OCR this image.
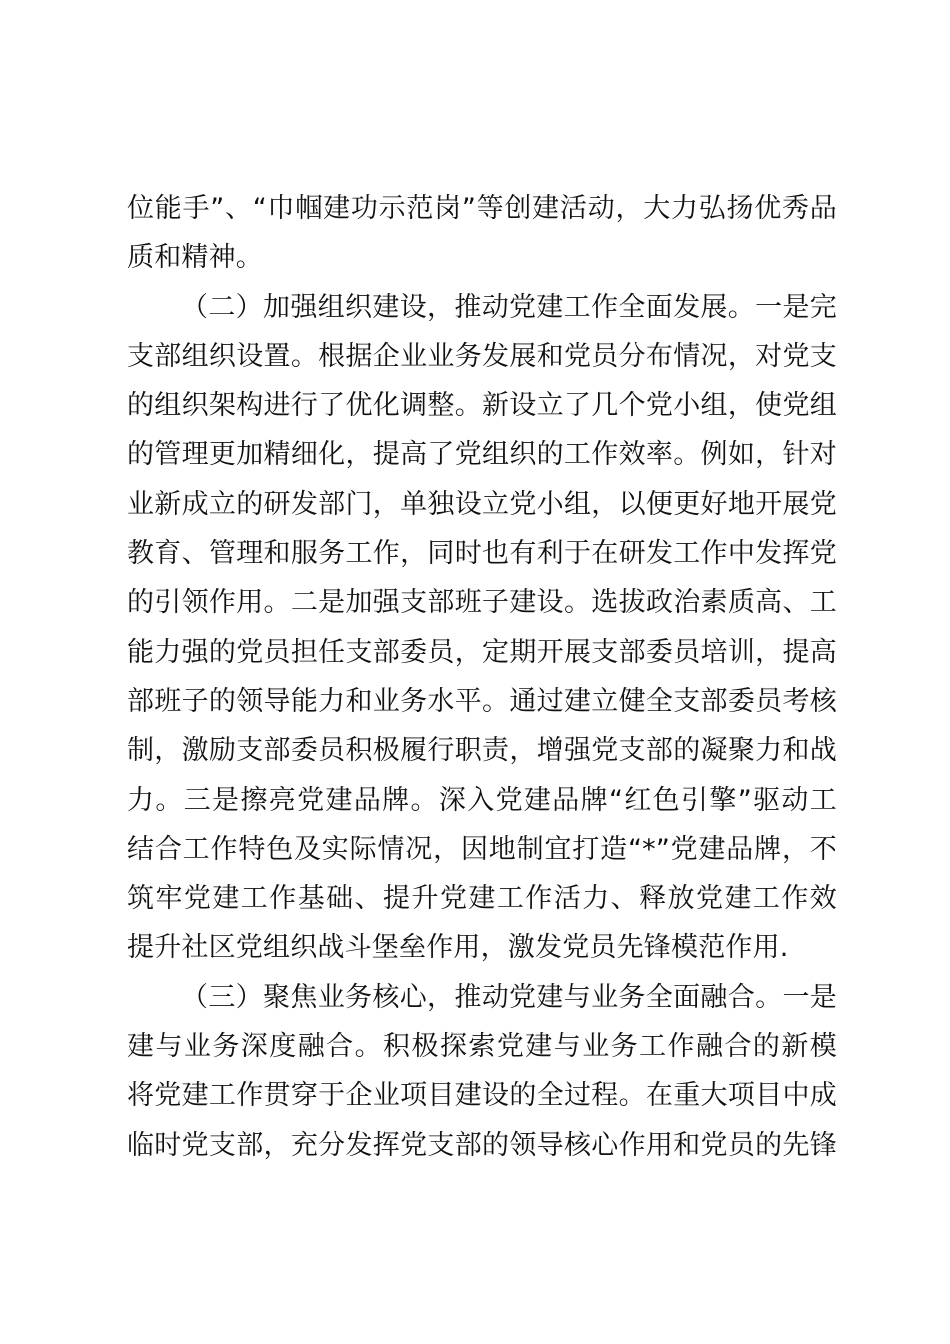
位能手”、“巾帼建功示范岗”等创建活动，大力弘扬优秀品
质和精神。
（二）加强组织建设，推动党建工作全面发展。一是完
支部组织设置。根据企业业务发展和党员分布情况，对党支
的组织架构进行了优化调整。新设立了几个党小组，使党组
的管理更加精细化，提高了党组织的工作效率。例如，针对
业新成立的研发部门，单独设立党小组，以便更好地开展党
教育、管理和服务工作，同时也有利于在研发工作中发挥党
的引领作用。二是加强支部班子建设。选拔政治素质高、工
能力强的党员担任支部委员，定期开展支部委员培训，提高
部班子的领导能力和业务水平。通过建立健全支部委员考核
制，激励支部委员积极履行职责，增强党支部的凝聚力和战
力。三是擦亮党建品牌。深入党建品牌“红色引擎”驱动工
结合工作特色及实际情况，因地制宜打造“*”党建品牌，不
筑牢党建工作基础、提升党建工作活力、释放党建工作效
提升社区党组织战斗堡垒作用，激发党员先锋模范作用.
（三）聚焦业务核心，推动党建与业务全面融合。一是
建与业务深度融合。积极探索党建与业务工作融合的新模
将党建工作贯穿于企业项目建设的全过程。在重大项目中成
临时党支部，充分发挥党支部的领导核心作用和党员的先锋
